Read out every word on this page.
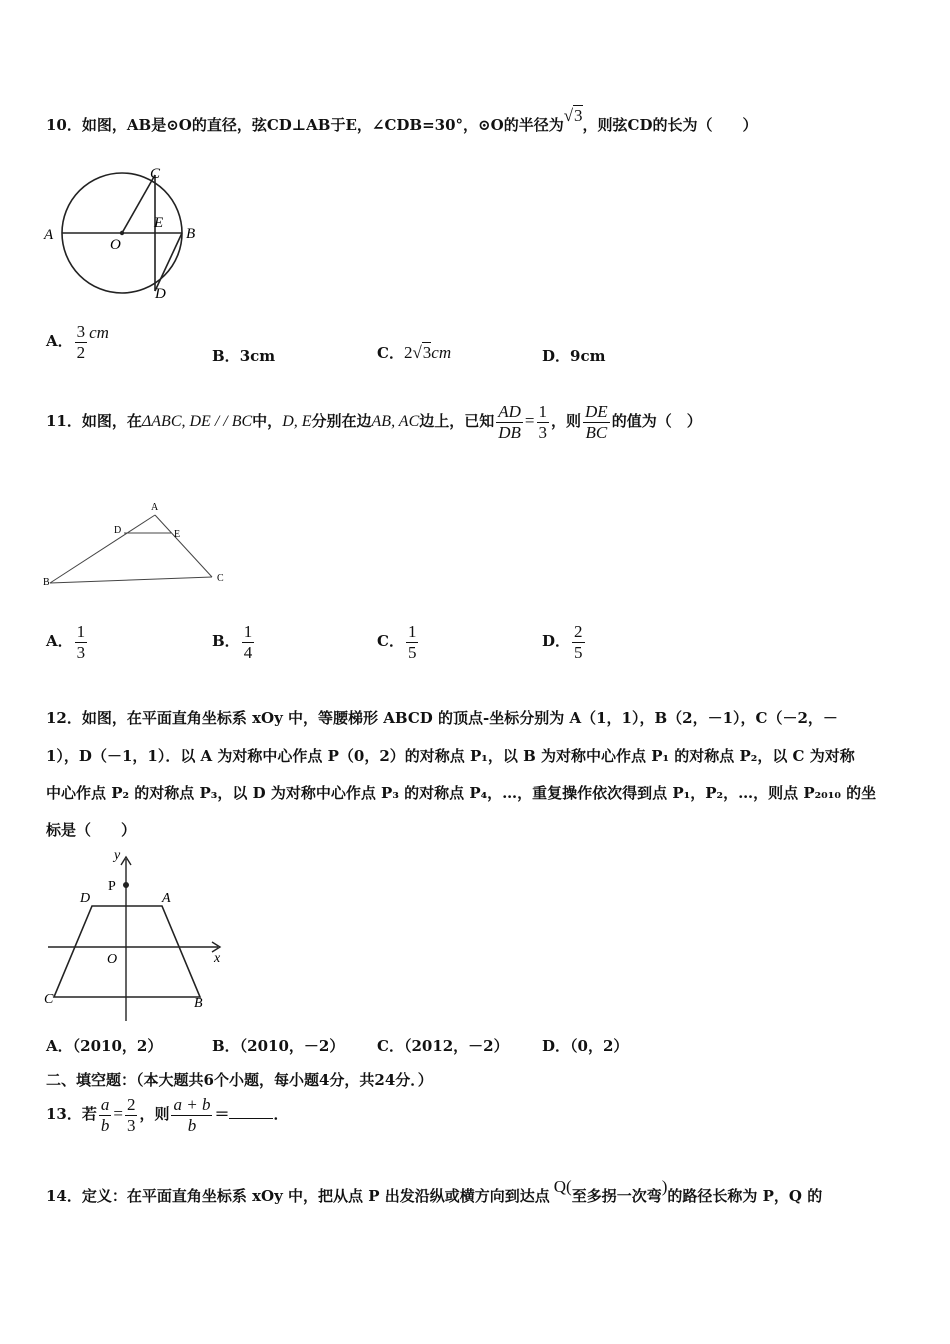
10．如图，AB是⊙O的直径，弦CD⊥AB于E，∠CDB=30°，⊙O的半径为√3，则弦CD的长为（　　）
A	B
C
D
E
O
A． $\frac{3}{2}$ cm
B．3cm	C．2√3cm	D．9cm
11．如图，在ΔABC, DE / / BC中，D, E分别在边AB, AC边上，已知 $\frac{AD}{DB} = \frac{1}{3}$ ，则 $\frac{DE}{BC}$ 的值为（　）
A
B	C
D	E
A． $\frac{1}{3}$	B． $\frac{1}{4}$	C． $\frac{1}{5}$	D． $\frac{2}{5}$
12．如图，在平面直角坐标系 xOy 中，等腰梯形 ABCD 的顶点-坐标分别为 A（1，1），B（2，－1），C（－2，－
1），D（－1，1）．以 A 为对称中心作点 P（0，2）的对称点 P₁，以 B 为对称中心作点 P₁ 的对称点 P₂，以 C 为对称
中心作点 P₂ 的对称点 P₃，以 D 为对称中心作点 P₃ 的对称点 P₄，…，重复操作依次得到点 P₁，P₂，…，则点 P₂₀₁₀ 的坐
标是（　　）
y
x
P
D	A
O
C	B
A．（2010，2）	B．（2010，－2） C．（2012，－2） D．（0，2）
二、填空题：（本大题共6个小题，每小题4分，共24分．）
13．若 $\frac{a}{b} = \frac{2}{3}$ ，则 $\frac{a + b}{b}$ ＝	．
14．定义：在平面直角坐标系 xOy 中，把从点 P 出发沿纵或横方向到达点 Q(至多拐一次弯)的路径长称为 P，Q 的
